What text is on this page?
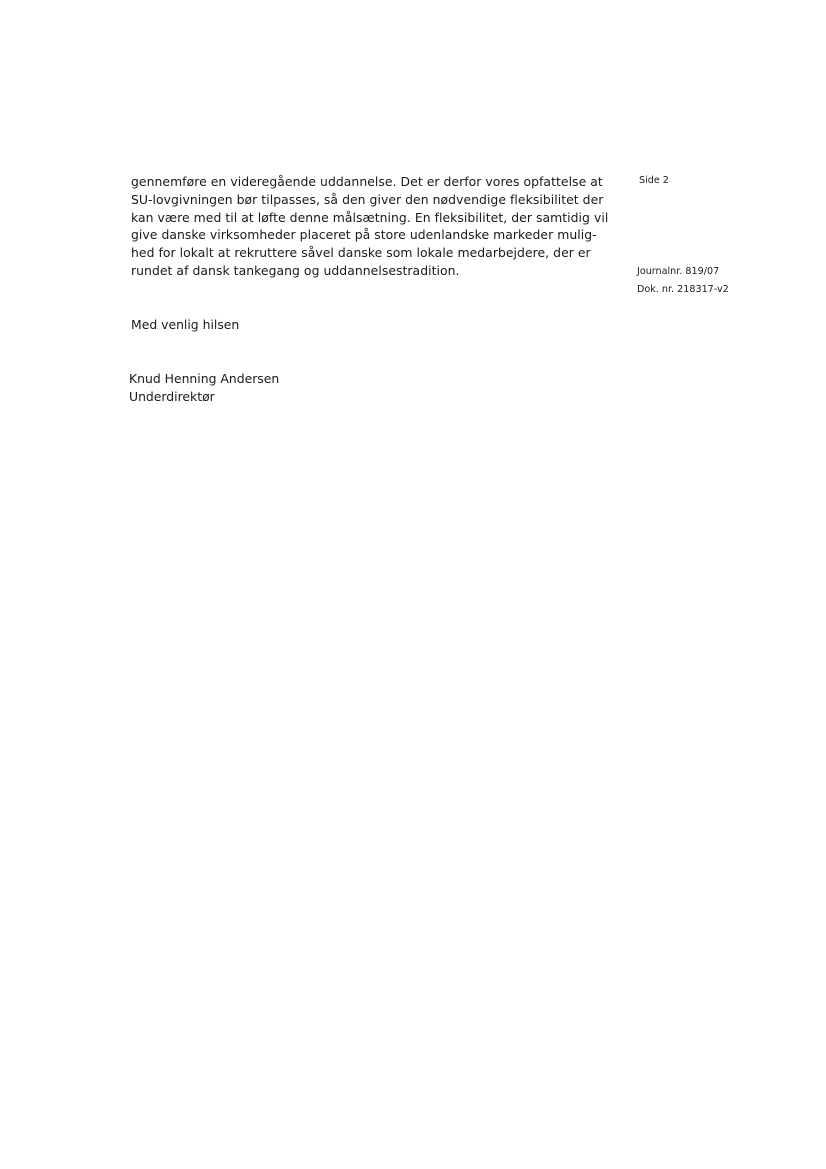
gennemføre en videregående uddannelse. Det er derfor vores opfattelse at
SU-lovgivningen bør tilpasses, så den giver den nødvendige fleksibilitet der
kan være med til at løfte denne målsætning. En fleksibilitet, der samtidig vil
give danske virksomheder placeret på store udenlandske markeder mulig-
hed for lokalt at rekruttere såvel danske som lokale medarbejdere, der er
rundet af dansk tankegang og uddannelsestradition.
Side 2
Journalnr. 819/07
Dok. nr. 218317-v2
Med venlig hilsen
Knud Henning Andersen
Underdirektør
